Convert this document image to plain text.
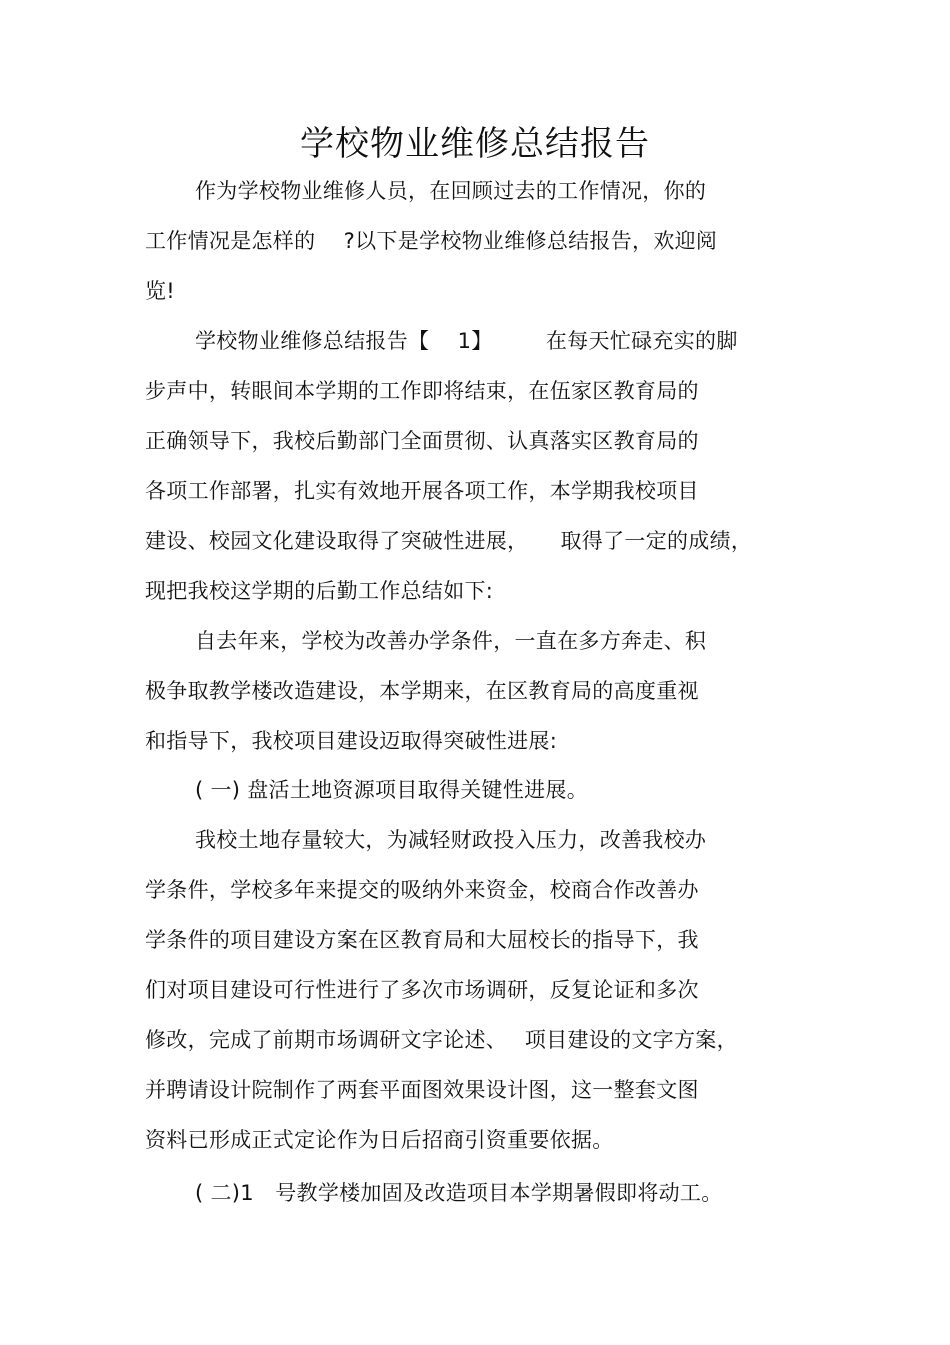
学校物业维修总结报告
作为学校物业维修人员，在回顾过去的工作情况，你的
工作情况是怎样的　 ?以下是学校物业维修总结报告，欢迎阅
览!
学校物业维修总结报告【　 1】　　　在每天忙碌充实的脚
步声中，转眼间本学期的工作即将结束，在伍家区教育局的
正确领导下，我校后勤部门全面贯彻、认真落实区教育局的
各项工作部署，扎实有效地开展各项工作，本学期我校项目
建设、校园文化建设取得了突破性进展，　　取得了一定的成绩，
现把我校这学期的后勤工作总结如下:
自去年来，学校为改善办学条件，一直在多方奔走、积
极争取教学楼改造建设，本学期来，在区教育局的高度重视
和指导下，我校项目建设迈取得突破性进展:
( 一) 盘活土地资源项目取得关键性进展。
我校土地存量较大，为减轻财政投入压力，改善我校办
学条件，学校多年来提交的吸纳外来资金，校商合作改善办
学条件的项目建设方案在区教育局和大屈校长的指导下，我
们对项目建设可行性进行了多次市场调研，反复论证和多次
修改，完成了前期市场调研文字论述、　 项目建设的文字方案，
并聘请设计院制作了两套平面图效果设计图，这一整套文图
资料已形成正式定论作为日后招商引资重要依据。
( 二)1　号教学楼加固及改造项目本学期暑假即将动工。
